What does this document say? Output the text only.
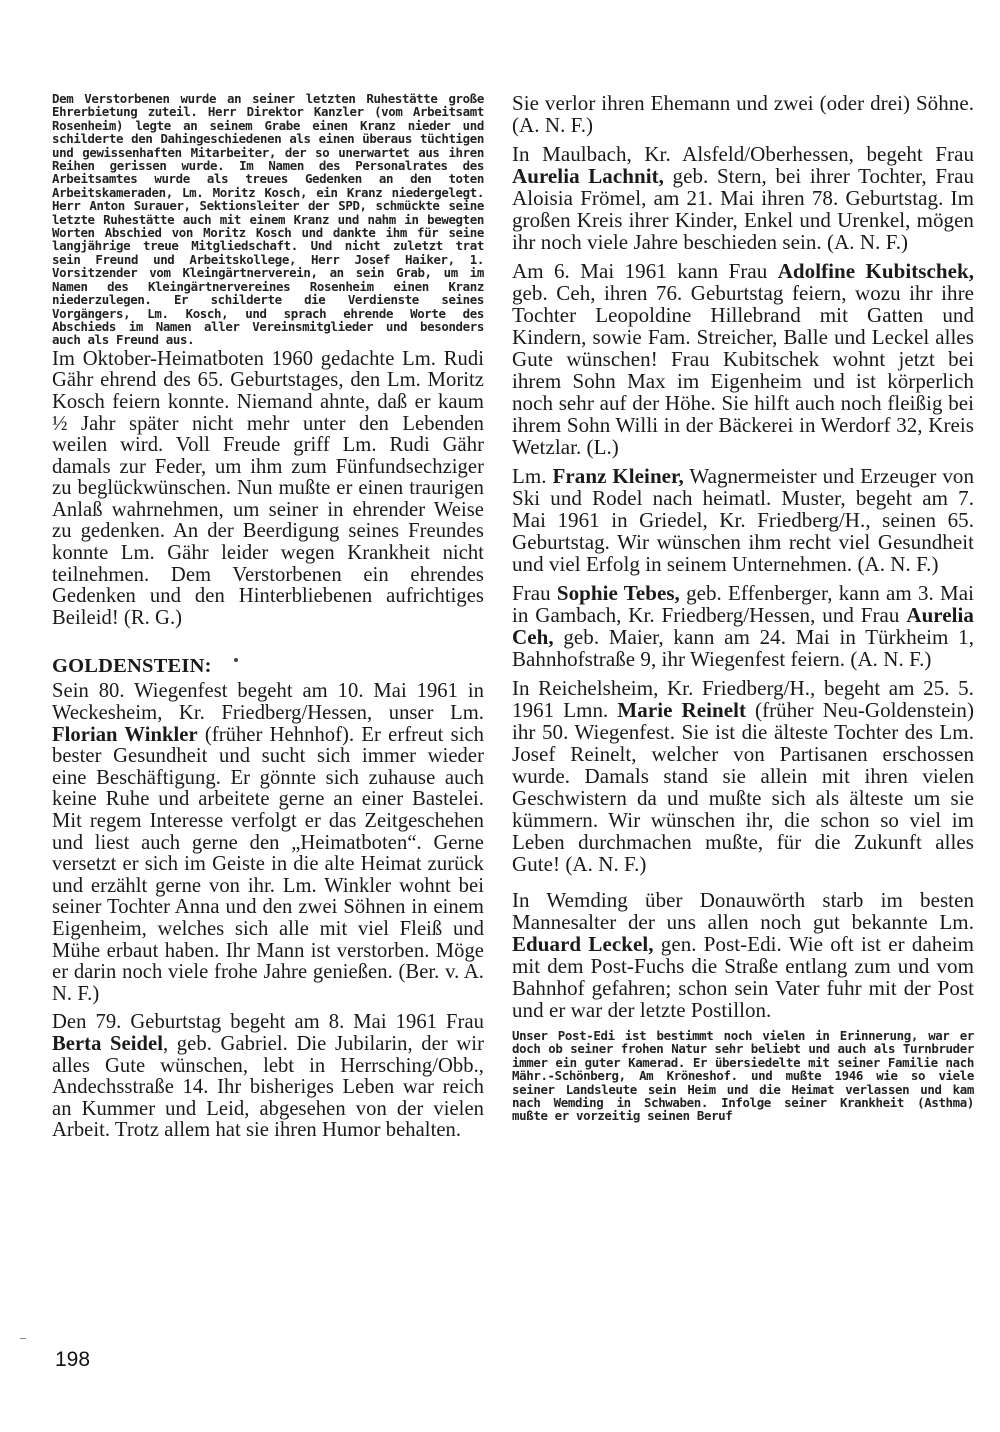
Dem Verstorbenen wurde an seiner letzten Ruhestätte große Ehrerbietung zuteil. Herr Direktor Kanzler (vom Arbeitsamt Rosenheim) legte an seinem Grabe einen Kranz nieder und schilderte den Dahingeschiedenen als einen überaus tüchtigen und gewissenhaften Mitarbeiter, der so unerwartet aus ihren Reihen gerissen wurde. Im Namen des Personalrates des Arbeitsamtes wurde als treues Gedenken an den toten Arbeitskameraden, Lm. Moritz Kosch, ein Kranz niedergelegt. Herr Anton Surauer, Sektionsleiter der SPD, schmückte seine letzte Ruhestätte auch mit einem Kranz und nahm in bewegten Worten Abschied von Moritz Kosch und dankte ihm für seine langjährige treue Mitgliedschaft. Und nicht zuletzt trat sein Freund und Arbeitskollege, Herr Josef Haiker, 1. Vorsitzender vom Kleingärtnerverein, an sein Grab, um im Namen des Kleingärtnervereines Rosenheim einen Kranz niederzulegen. Er schilderte die Verdienste seines Vorgängers, Lm. Kosch, und sprach ehrende Worte des Abschieds im Namen aller Vereinsmitglieder und besonders auch als Freund aus.

Im Oktober-Heimatboten 1960 gedachte Lm. Rudi Gähr ehrend des 65. Geburtstages, den Lm. Moritz Kosch feiern konnte. Niemand ahnte, daß er kaum ½ Jahr später nicht mehr unter den Lebenden weilen wird. Voll Freude griff Lm. Rudi Gähr damals zur Feder, um ihm zum Fünfundsechziger zu beglückwünschen. Nun mußte er einen traurigen Anlaß wahrnehmen, um seiner in ehrender Weise zu gedenken. An der Beerdigung seines Freundes konnte Lm. Gähr leider wegen Krankheit nicht teilnehmen. Dem Verstorbenen ein ehrendes Gedenken und den Hinterbliebenen aufrichtiges Beileid! (R. G.)

GOLDENSTEIN:

Sein 80. Wiegenfest begeht am 10. Mai 1961 in Weckesheim, Kr. Friedberg/Hessen, unser Lm. Florian Winkler (früher Hehnhof). Er erfreut sich bester Gesundheit und sucht sich immer wieder eine Beschäftigung. Er gönnte sich zuhause auch keine Ruhe und arbeitete gerne an einer Bastelei. Mit regem Interesse verfolgt er das Zeitgeschehen und liest auch gerne den „Heimatboten“. Gerne versetzt er sich im Geiste in die alte Heimat zurück und erzählt gerne von ihr. Lm. Winkler wohnt bei seiner Tochter Anna und den zwei Söhnen in einem Eigenheim, welches sich alle mit viel Fleiß und Mühe erbaut haben. Ihr Mann ist verstorben. Möge er darin noch viele frohe Jahre genießen. (Ber. v. A. N. F.)

Den 79. Geburtstag begeht am 8. Mai 1961 Frau Berta Seidel, geb. Gabriel. Die Jubilarin, der wir alles Gute wünschen, lebt in Herrsching/Obb., Andechsstraße 14. Ihr bisheriges Leben war reich an Kummer und Leid, abgesehen von der vielen Arbeit. Trotz allem hat sie ihren Humor behalten.

Sie verlor ihren Ehemann und zwei (oder drei) Söhne. (A. N. F.)

In Maulbach, Kr. Alsfeld/Oberhessen, begeht Frau Aurelia Lachnit, geb. Stern, bei ihrer Tochter, Frau Aloisia Frömel, am 21. Mai ihren 78. Geburtstag. Im großen Kreis ihrer Kinder, Enkel und Urenkel, mögen ihr noch viele Jahre beschieden sein. (A. N. F.)

Am 6. Mai 1961 kann Frau Adolfine Kubitschek, geb. Ceh, ihren 76. Geburtstag feiern, wozu ihr ihre Tochter Leopoldine Hillebrand mit Gatten und Kindern, sowie Fam. Streicher, Balle und Leckel alles Gute wünschen! Frau Kubitschek wohnt jetzt bei ihrem Sohn Max im Eigenheim und ist körperlich noch sehr auf der Höhe. Sie hilft auch noch fleißig bei ihrem Sohn Willi in der Bäckerei in Werdorf 32, Kreis Wetzlar. (L.)

Lm. Franz Kleiner, Wagnermeister und Erzeuger von Ski und Rodel nach heimatl. Muster, begeht am 7. Mai 1961 in Griedel, Kr. Friedberg/H., seinen 65. Geburtstag. Wir wünschen ihm recht viel Gesundheit und viel Erfolg in seinem Unternehmen. (A. N. F.)

Frau Sophie Tebes, geb. Effenberger, kann am 3. Mai in Gambach, Kr. Friedberg/Hessen, und Frau Aurelia Ceh, geb. Maier, kann am 24. Mai in Türkheim 1, Bahnhofstraße 9, ihr Wiegenfest feiern. (A. N. F.)

In Reichelsheim, Kr. Friedberg/H., begeht am 25. 5. 1961 Lmn. Marie Reinelt (früher Neu-Goldenstein) ihr 50. Wiegenfest. Sie ist die älteste Tochter des Lm. Josef Reinelt, welcher von Partisanen erschossen wurde. Damals stand sie allein mit ihren vielen Geschwistern da und mußte sich als älteste um sie kümmern. Wir wünschen ihr, die schon so viel im Leben durchmachen mußte, für die Zukunft alles Gute! (A. N. F.)

In Wemding über Donauwörth starb im besten Mannesalter der uns allen noch gut bekannte Lm. Eduard Leckel, gen. Post-Edi. Wie oft ist er daheim mit dem Post-Fuchs die Straße entlang zum und vom Bahnhof gefahren; schon sein Vater fuhr mit der Post und er war der letzte Postillon.

Unser Post-Edi ist bestimmt noch vielen in Erinnerung, war er doch ob seiner frohen Natur sehr beliebt und auch als Turnbruder immer ein guter Kamerad. Er übersiedelte mit seiner Familie nach Mähr.-Schönberg, Am Kröneshof. und mußte 1946 wie so viele seiner Landsleute sein Heim und die Heimat verlassen und kam nach Wemding in Schwaben. Infolge seiner Krankheit (Asthma) mußte er vorzeitig seinen Beruf

198
